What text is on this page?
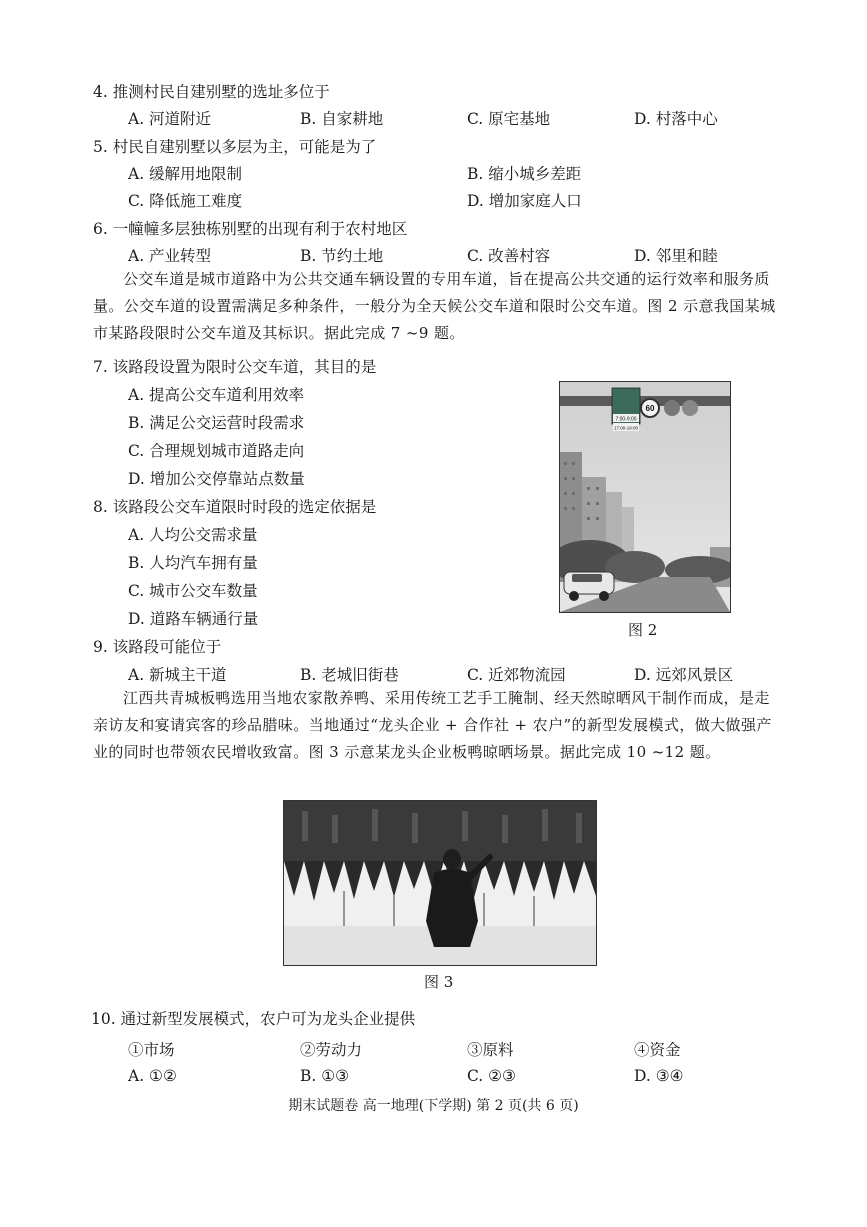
4. 推测村民自建别墅的选址多位于
A. 河道附近	B. 自家耕地	C. 原宅基地	D. 村落中心
5. 村民自建别墅以多层为主，可能是为了
A. 缓解用地限制	B. 缩小城乡差距
C. 降低施工难度	D. 增加家庭人口
6. 一幢幢多层独栋别墅的出现有利于农村地区
A. 产业转型	B. 节约土地	C. 改善村容	D. 邻里和睦
公交车道是城市道路中为公共交通车辆设置的专用车道，旨在提高公共交通的运行效率和服务质量。公交车道的设置需满足多种条件，一般分为全天候公交车道和限时公交车道。图 2 示意我国某城市某路段限时公交车道及其标识。据此完成 7 ~9 题。
7. 该路段设置为限时公交车道，其目的是
A. 提高公交车道利用效率
B. 满足公交运营时段需求
C. 合理规划城市道路走向
D. 增加公交停靠站点数量
8. 该路段公交车道限时时段的选定依据是
A. 人均公交需求量
B. 人均汽车拥有量
C. 城市公交车数量
D. 道路车辆通行量
7:00-9:00
17:00-19:00
60
图 2
9. 该路段可能位于
A. 新城主干道	B. 老城旧街巷	C. 近郊物流园	D. 远郊风景区
江西共青城板鸭选用当地农家散养鸭、采用传统工艺手工腌制、经天然晾晒风干制作而成，是走亲访友和宴请宾客的珍品腊味。当地通过“龙头企业 + 合作社 + 农户”的新型发展模式，做大做强产业的同时也带领农民增收致富。图 3 示意某龙头企业板鸭晾晒场景。据此完成 10 ~12 题。
图 3
10. 通过新型发展模式，农户可为龙头企业提供
①市场	②劳动力	③原料	④资金
A. ①②	B. ①③	C. ②③	D. ③④
期末试题卷 高一地理(下学期) 第 2 页(共 6 页)
